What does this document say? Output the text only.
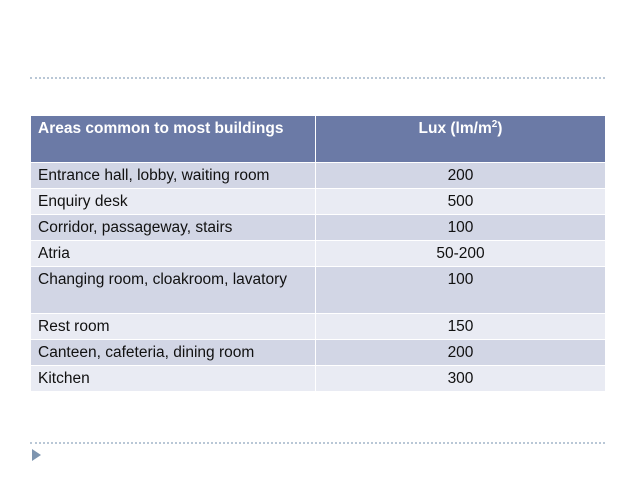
Areas common to most buildings	Lux $(lm/m^2)$
Entrance hall, lobby, waiting room	200
Enquiry desk	500
Corridor, passageway, stairs	100
Atria	50-200
Changing room, cloakroom, lavatory	100
Rest room	150
Canteen, cafeteria, dining room	200
Kitchen	300
